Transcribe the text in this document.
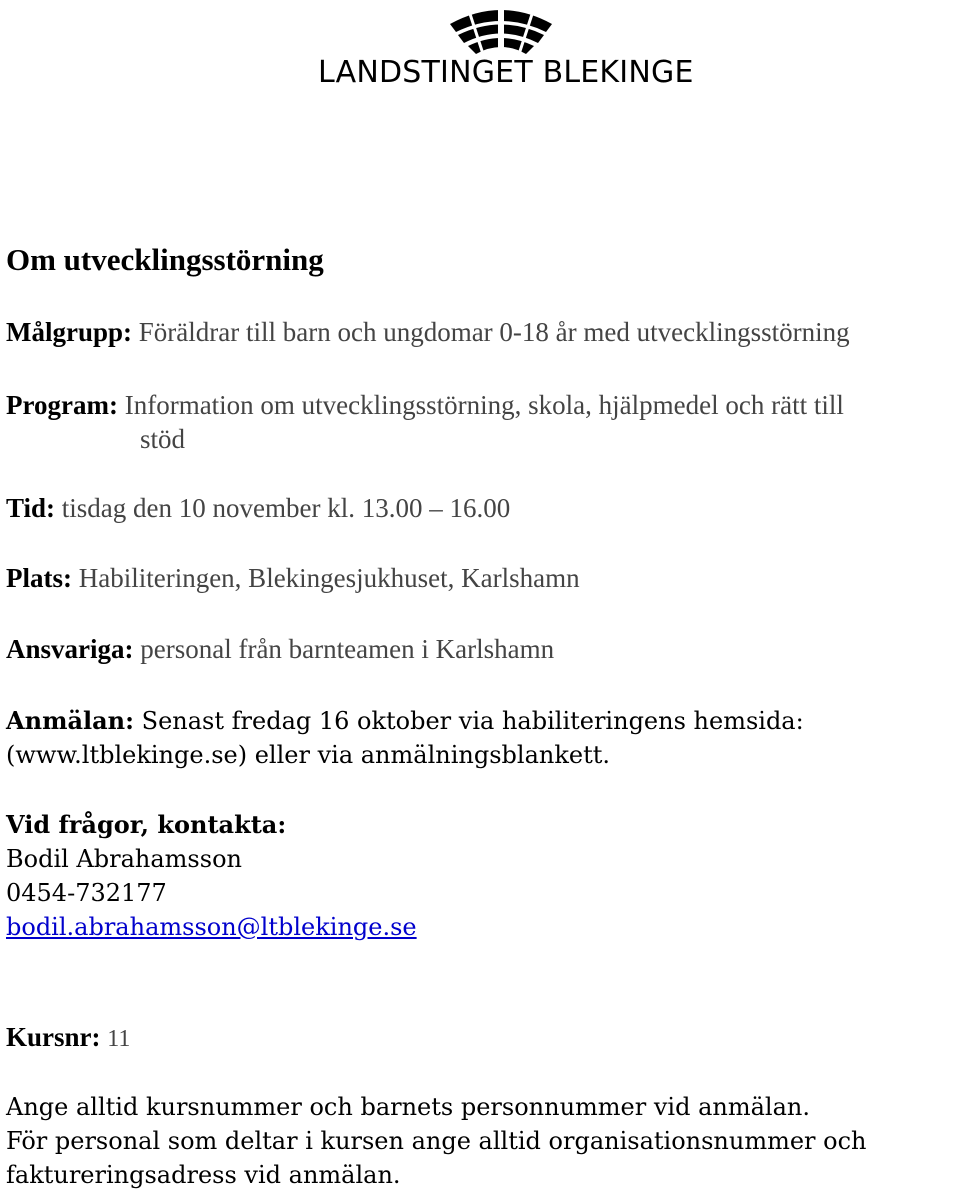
LANDSTINGET BLEKINGE
Om utvecklingsstörning
Målgrupp: Föräldrar till barn och ungdomar 0-18 år med utvecklingsstörning
Program: Information om utvecklingsstörning, skola, hjälpmedel och rätt till
stöd
Tid: tisdag den 10 november kl. 13.00 – 16.00
Plats: Habiliteringen, Blekingesjukhuset, Karlshamn
Ansvariga: personal från barnteamen i Karlshamn
Anmälan: Senast fredag 16 oktober via habiliteringens hemsida:
(www.ltblekinge.se) eller via anmälningsblankett.
Vid frågor, kontakta:
Bodil Abrahamsson
0454-732177
bodil.abrahamsson@ltblekinge.se
Kursnr: 11
Ange alltid kursnummer och barnets personnummer vid anmälan.
För personal som deltar i kursen ange alltid organisationsnummer och
faktureringsadress vid anmälan.
